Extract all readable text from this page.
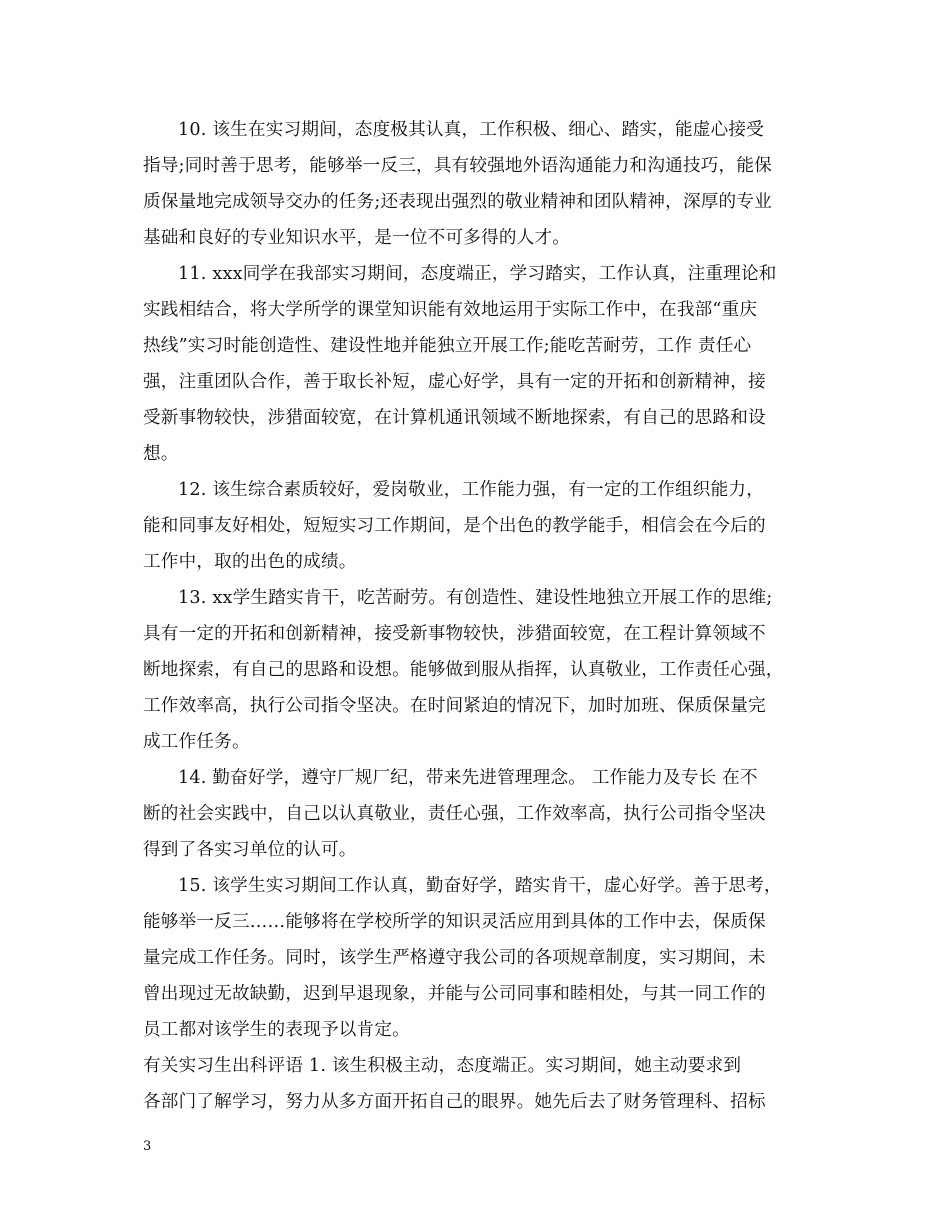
10. 该生在实习期间，态度极其认真，工作积极、细心、踏实，能虚心接受
指导;同时善于思考，能够举一反三，具有较强地外语沟通能力和沟通技巧，能保
质保量地完成领导交办的任务;还表现出强烈的敬业精神和团队精神，深厚的专业
基础和良好的专业知识水平，是一位不可多得的人才。
11. xxx同学在我部实习期间，态度端正，学习踏实，工作认真，注重理论和
实践相结合，将大学所学的课堂知识能有效地运用于实际工作中，在我部“重庆
热线”实习时能创造性、建设性地并能独立开展工作;能吃苦耐劳，工作 责任心
强，注重团队合作，善于取长补短，虚心好学，具有一定的开拓和创新精神，接
受新事物较快，涉猎面较宽，在计算机通讯领域不断地探索，有自己的思路和设
想。
12. 该生综合素质较好，爱岗敬业，工作能力强，有一定的工作组织能力，
能和同事友好相处，短短实习工作期间，是个出色的教学能手，相信会在今后的
工作中，取的出色的成绩。
13. xx学生踏实肯干，吃苦耐劳。有创造性、建设性地独立开展工作的思维;
具有一定的开拓和创新精神，接受新事物较快，涉猎面较宽，在工程计算领域不
断地探索，有自己的思路和设想。能够做到服从指挥，认真敬业，工作责任心强，
工作效率高，执行公司指令坚决。在时间紧迫的情况下，加时加班、保质保量完
成工作任务。
14. 勤奋好学，遵守厂规厂纪，带来先进管理理念。 工作能力及专长 在不
断的社会实践中，自己以认真敬业，责任心强，工作效率高，执行公司指令坚决
得到了各实习单位的认可。
15. 该学生实习期间工作认真，勤奋好学，踏实肯干，虚心好学。善于思考，
能够举一反三……能够将在学校所学的知识灵活应用到具体的工作中去，保质保
量完成工作任务。同时，该学生严格遵守我公司的各项规章制度，实习期间，未
曾出现过无故缺勤，迟到早退现象，并能与公司同事和睦相处，与其一同工作的
员工都对该学生的表现予以肯定。
有关实习生出科评语 1. 该生积极主动，态度端正。实习期间，她主动要求到
各部门了解学习，努力从多方面开拓自己的眼界。她先后去了财务管理科、招标
3
